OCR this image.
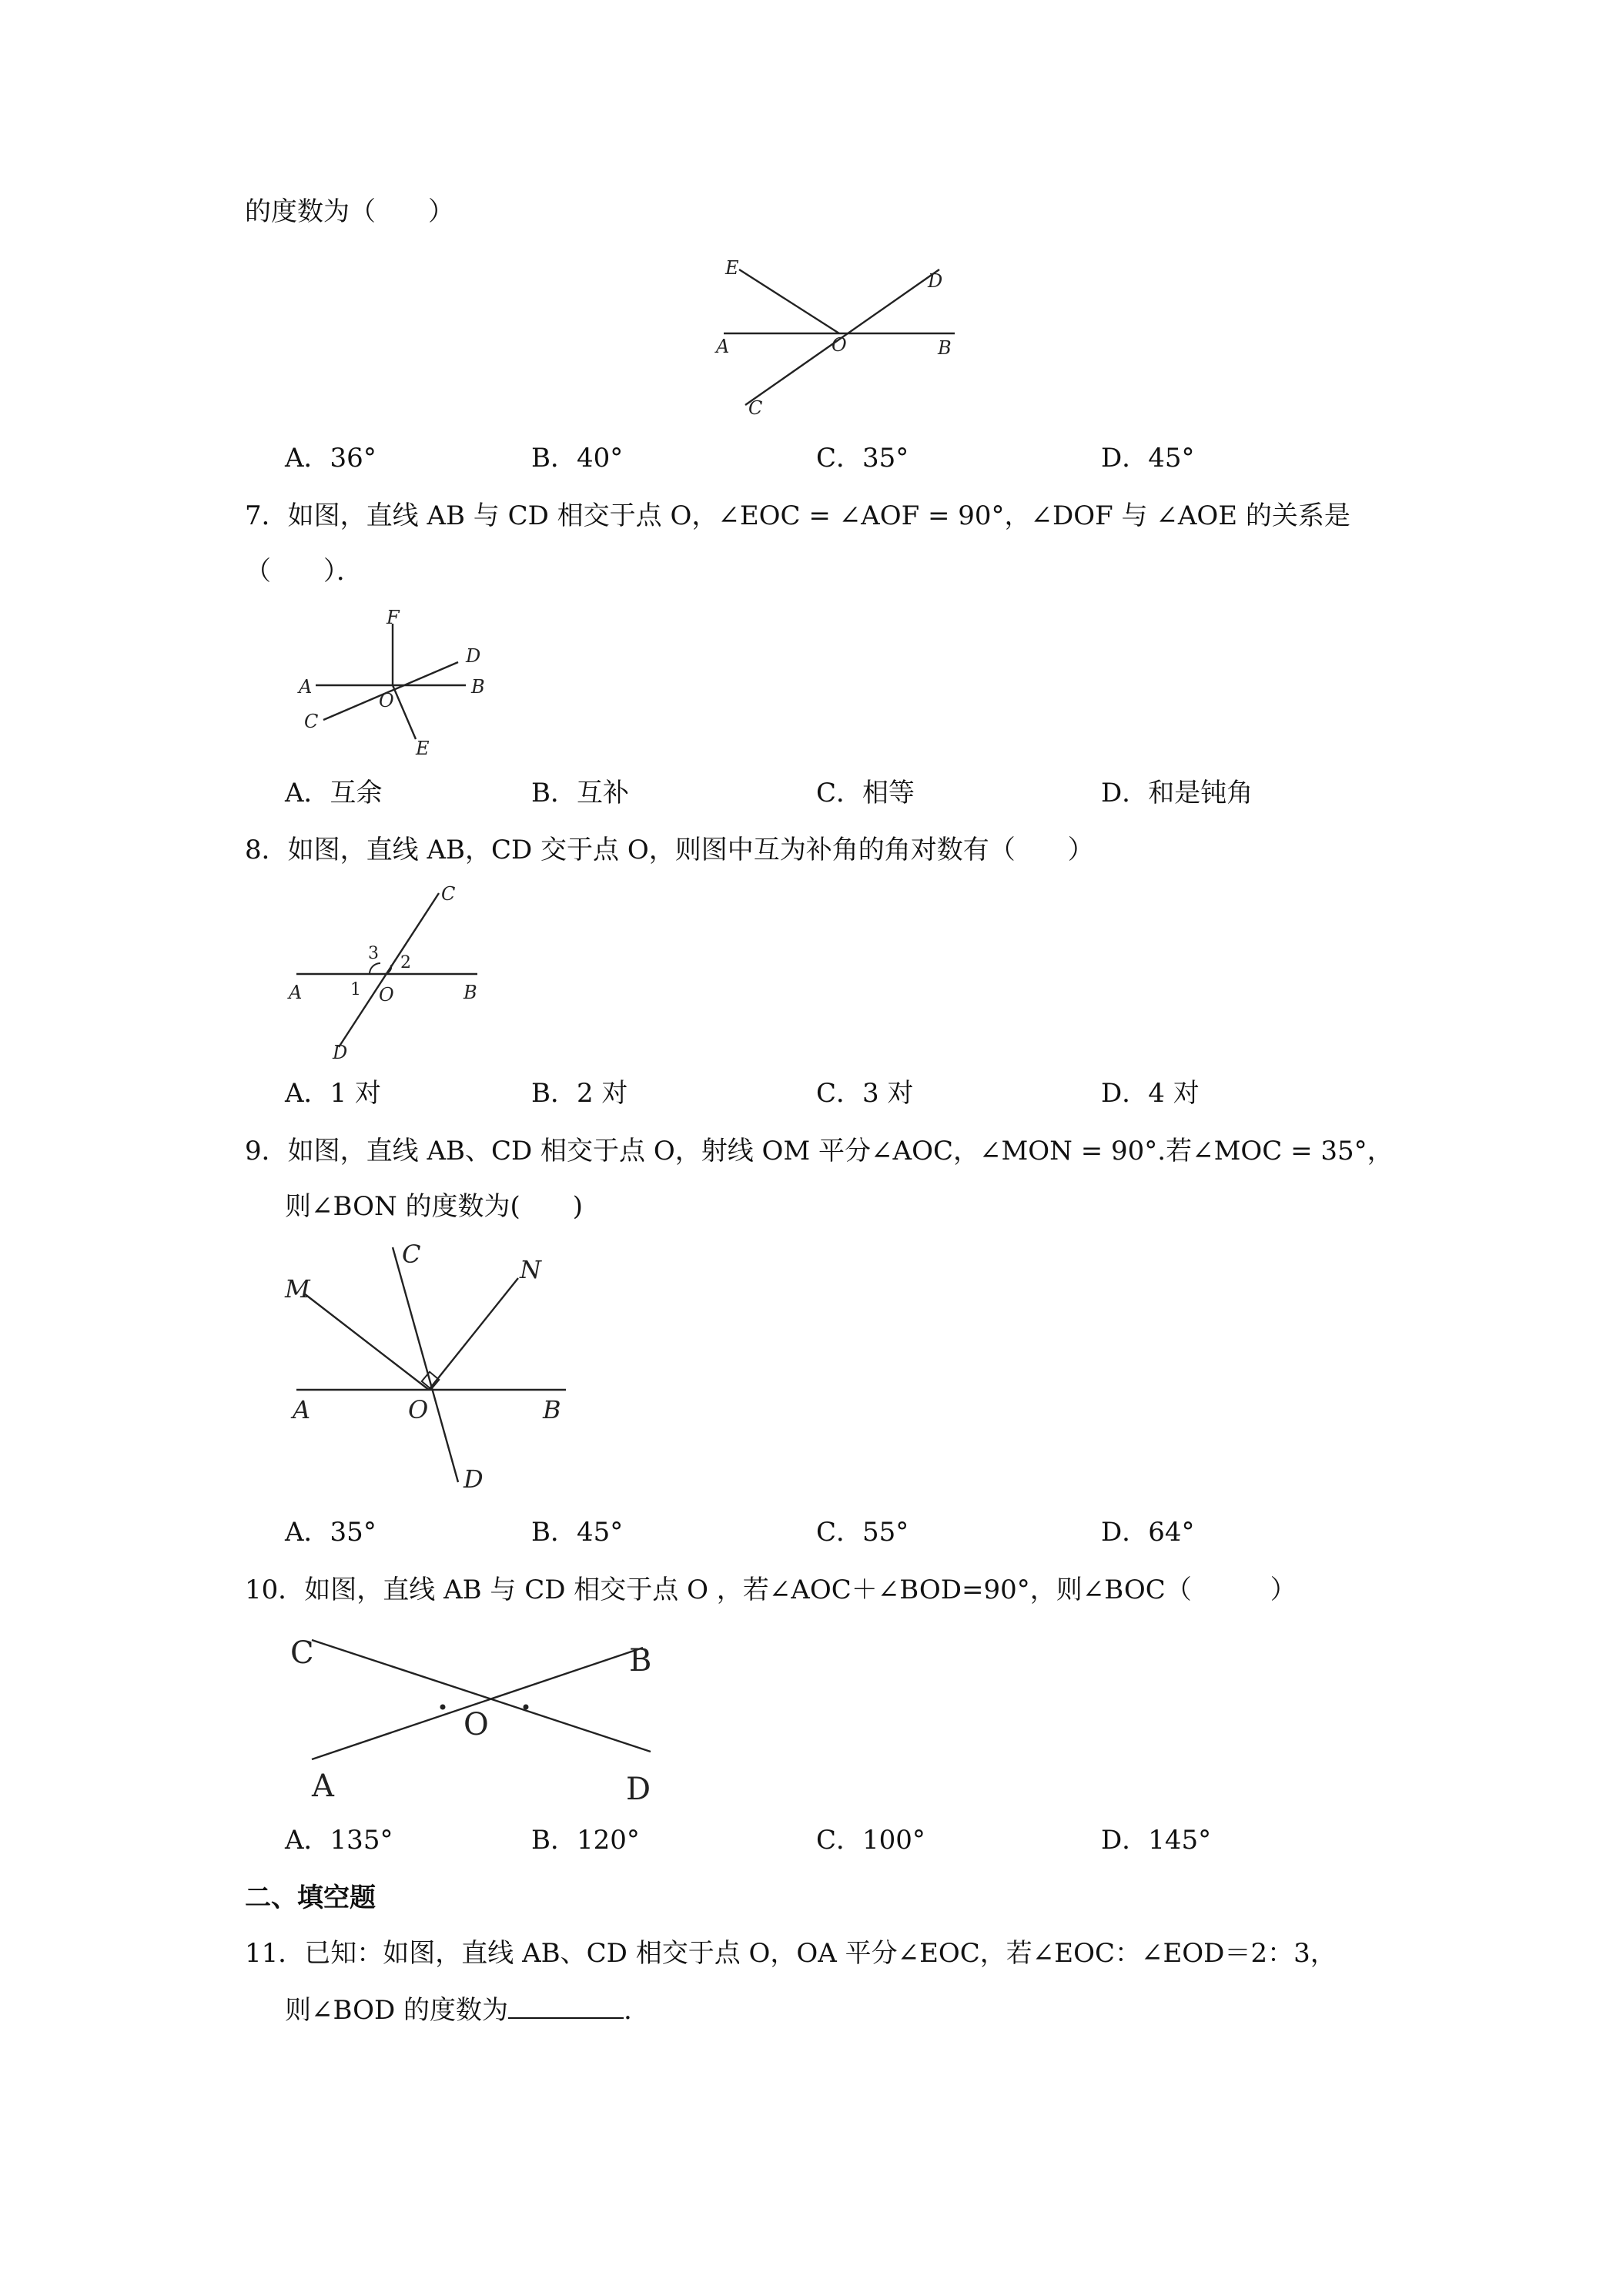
的度数为（　　）
E
D
A	O	B
C
A．36°	B．40°	C．35°	D．45°
7．如图，直线 AB 与 CD 相交于点 O，∠EOC = ∠AOF = 90°，∠DOF 与 ∠AOE 的关系是
（　　）．
F
D
A	B
C
O
E
A．互余	B．互补	C．相等	D．和是钝角
8．如图，直线 AB，CD 交于点 O，则图中互为补角的角对数有（　　）
C
3 2
A	1 O	B
D
A．1 对	B．2 对	C．3 对	D．4 对
9．如图，直线 AB、CD 相交于点 O，射线 OM 平分∠AOC，∠MON = 90°.若∠MOC = 35°，
则∠BON 的度数为(　　)
M
C
N
A	O	B
D
A．35°	B．45°	C．55°	D．64°
10．如图，直线 AB 与 CD 相交于点 O ，若∠AOC＋∠BOD=90°，则∠BOC（　　　）
C	B
O
A	D
A．135°	B．120°	C．100°	D．145°
二、填空题
11．已知：如图，直线 AB、CD 相交于点 O，OA 平分∠EOC，若∠EOC：∠EOD＝2：3，
则∠BOD 的度数为	.
